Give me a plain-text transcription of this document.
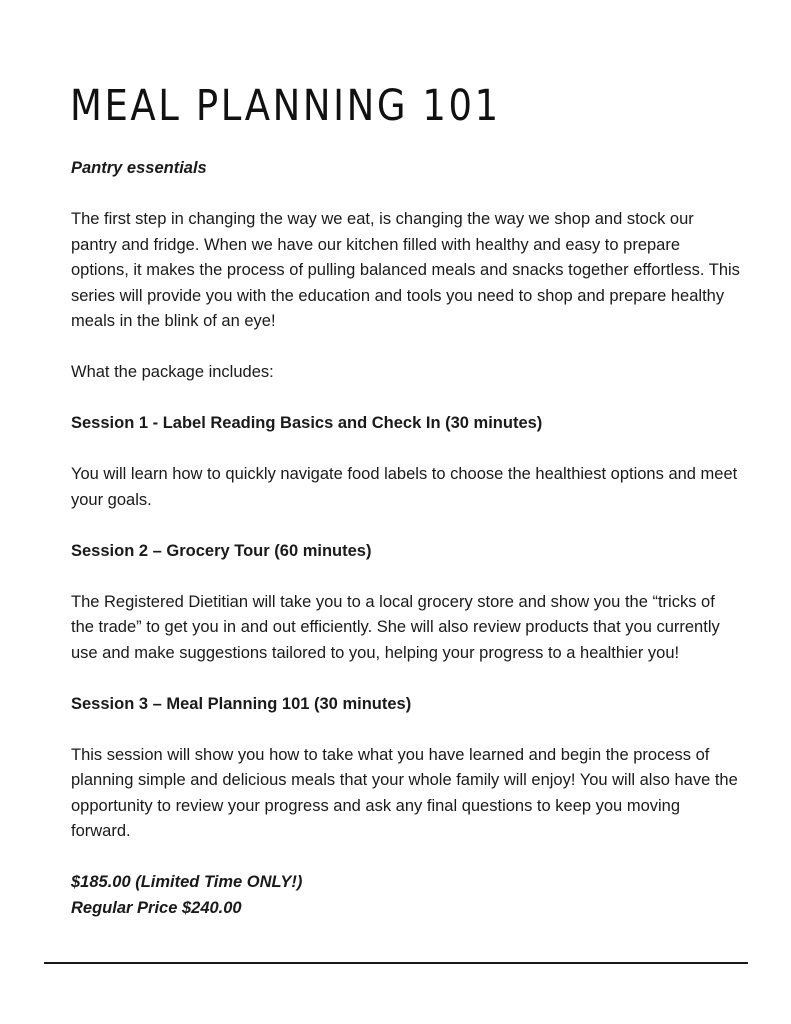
MEAL PLANNING 101

Pantry essentials

The first step in changing the way we eat, is changing the way we shop and stock our pantry and fridge. When we have our kitchen filled with healthy and easy to prepare options, it makes the process of pulling balanced meals and snacks together effortless. This series will provide you with the education and tools you need to shop and prepare healthy meals in the blink of an eye!

What the package includes:

Session 1 - Label Reading Basics and Check In (30 minutes)

You will learn how to quickly navigate food labels to choose the healthiest options and meet your goals.

Session 2 – Grocery Tour (60 minutes)

The Registered Dietitian will take you to a local grocery store and show you the “tricks of the trade” to get you in and out efficiently. She will also review products that you currently use and make suggestions tailored to you, helping your progress to a healthier you!

Session 3 – Meal Planning 101 (30 minutes)

This session will show you how to take what you have learned and begin the process of planning simple and delicious meals that your whole family will enjoy! You will also have the opportunity to review your progress and ask any final questions to keep you moving forward.

$185.00 (Limited Time ONLY!)
Regular Price $240.00
